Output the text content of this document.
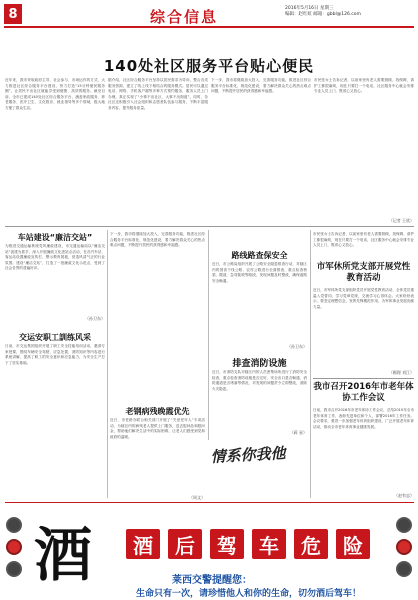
8	综合信息	2016年5月16日 星期三
编辑：赵红虹 邮箱：gbbl@126.com
140处社区服务平台贴心便民
近年来，我市采取政府主导、社会参与、市场运作的方式，大力推进社区综合服务平台建设，努力打造“15分钟便民服务圈”，让居民不出社区就能享受到便捷、高效的服务。截至目前，全市已建成140处社区综合服务平台，涵盖家政服务、养老服务、医疗卫生、文化娱乐、就业指导等多个领域，极大地方便了群众生活。
据介绍，社区综合服务平台坚持以居民需求为导向，整合各类服务资源，建立了线上线下相结合的服务模式。居民可以通过电话、网络、手机客户端等多种方式预约服务，服务人员上门办理，真正实现了“小事不出社区、大事不出街道”。同时，各社区还积极引入社会组织和志愿者队伍参与服务，不断丰富服务内容，提升服务质量。
下一步，我市将继续加大投入，完善服务功能，推进社区综合服务平台标准化、规范化建设，着力解决群众关心的热点难点问题，不断提升居民的获得感和幸福感。
市民张女士告诉记者，以前家里有老人需要照顾，找保姆、请护工都很麻烦，现在只要打一个电话，社区服务中心就会安排专业人员上门，既省心又放心。
（记者 王欣）
车站建设“廉洁交站”
为推进交通运输系统党风廉政建设，市交通运输局以“廉洁交站”创建为抓手，深入开展廉政文化进站点活动，在各汽车站、客运站设置廉政宣传栏、警示教育展板，营造风清气正的行业氛围。建设“廉洁交站”，打造了一批廉政文化示范点，受到了社会各界的普遍好评。
（孙卫东）
交运安职工訓练风采
日前，市交运集团组织开展了职工安全技能培训活动，邀请专家授课，围绕车辆安全驾驶、应急处置、消防知识等内容进行系统讲解，提高了职工的安全意识和应急能力，为安全生产打下了坚实基础。
下一步，我市将继续加大投入，完善服务功能，推进社区综合服务平台标准化、规范化建设，着力解决群众关心的热点难点问题，不断提升居民的获得感和幸福感。
老钢病残晚霞优先
近日，市老龄办联合相关部门开展了“关爱老年人”专项活动，为辖区内的病残老人提供上门服务，送去慰问品和慰问金，帮助他们解决生活中的实际困难，让老人们感受到党和政府的温暖。
（周文）
路线路查保安全
近日，市公路局组织开展了公路安全隐患排查行动，对辖区内的国省干线公路、农村公路进行全面排查，重点检查桥梁、隧道、急弯陡坡等路段，发现问题及时整改，确保道路安全畅通。
（孙卫东）
排查消防设施
近日，市消防支队对辖区内的人员密集场所进行了消防安全检查，重点检查消防设施是否完好、安全出口是否畅通、消防通道是否堵塞等情况，对发现的问题责令立即整改，消除火灾隐患。
（蒋 星）
市民张女士告诉记者，以前家里有老人需要照顾，找保姆、请护工都很麻烦，现在只要打一个电话，社区服务中心就会安排专业人员上门，既省心又放心。
市军休所党支部开展党性教育活动
近日，市军休所党支部组织党员开展党性教育活动，全体党员重温入党誓词，学习党章党规，交流学习心得体会。大家纷纷表示，要坚定理想信念，发挥先锋模范作用，为军休事业发展贡献力量。
（楊理 刘江）
我市召开2016年市老年体协工作会议
日前，我市召开2016年市老年体协工作会议，总结2015年全市老年体育工作，表彰先进单位和个人，部署2016年工作任务。会议要求，要进一步加强老年体育组织建设，广泛开展老年体育活动，推动全市老年体育事业健康发展。
（赵有忠）
情系你我他
酒	后	驾	车	危	险
酒	莱西交警提醒您：
生命只有一次，请珍惜他人和你的生命，切勿酒后驾车！
